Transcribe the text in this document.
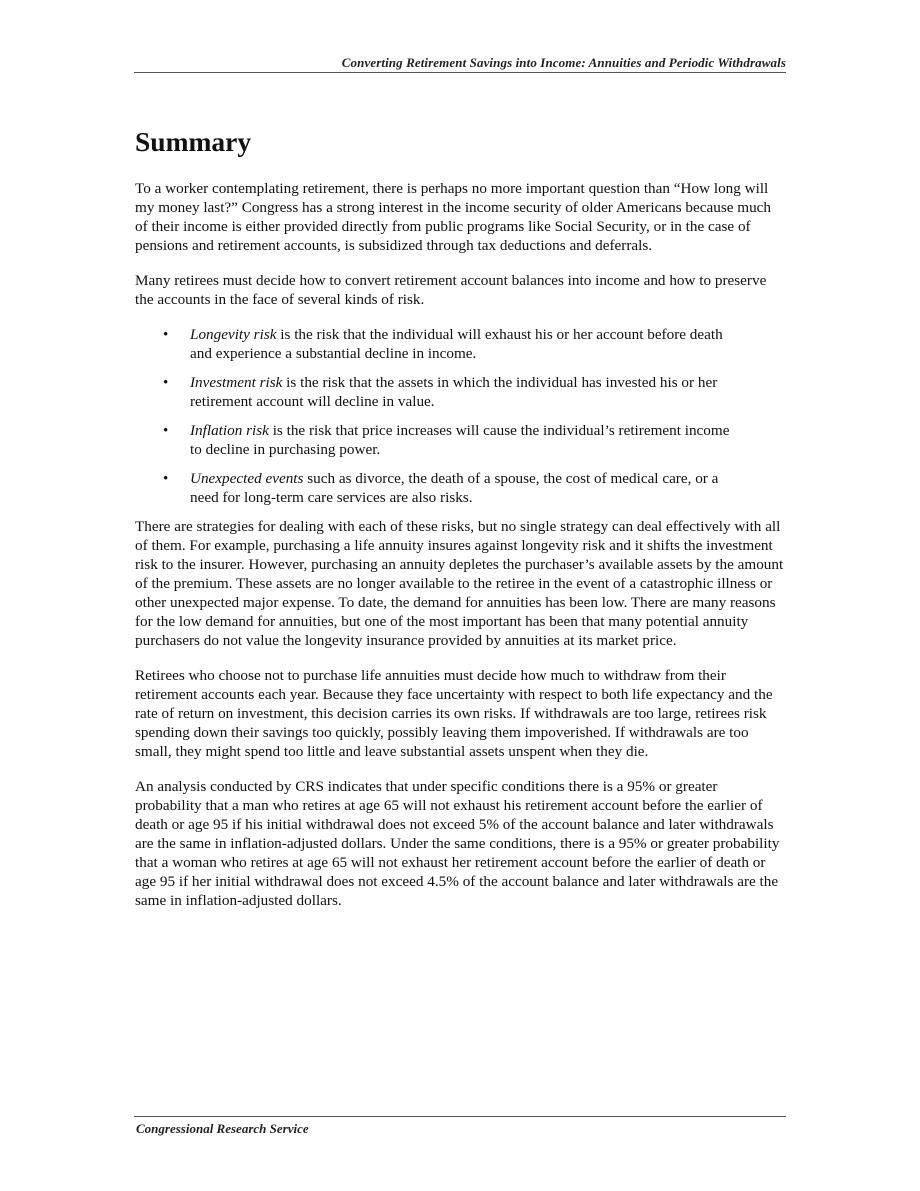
Converting Retirement Savings into Income: Annuities and Periodic Withdrawals
Summary

To a worker contemplating retirement, there is perhaps no more important question than “How long will my money last?” Congress has a strong interest in the income security of older Americans because much of their income is either provided directly from public programs like Social Security, or in the case of pensions and retirement accounts, is subsidized through tax deductions and deferrals.

Many retirees must decide how to convert retirement account balances into income and how to preserve the accounts in the face of several kinds of risk.

• Longevity risk is the risk that the individual will exhaust his or her account before death and experience a substantial decline in income.
• Investment risk is the risk that the assets in which the individual has invested his or her retirement account will decline in value.
• Inflation risk is the risk that price increases will cause the individual’s retirement income to decline in purchasing power.
• Unexpected events such as divorce, the death of a spouse, the cost of medical care, or a need for long-term care services are also risks.

There are strategies for dealing with each of these risks, but no single strategy can deal effectively with all of them. For example, purchasing a life annuity insures against longevity risk and it shifts the investment risk to the insurer. However, purchasing an annuity depletes the purchaser’s available assets by the amount of the premium. These assets are no longer available to the retiree in the event of a catastrophic illness or other unexpected major expense. To date, the demand for annuities has been low. There are many reasons for the low demand for annuities, but one of the most important has been that many potential annuity purchasers do not value the longevity insurance provided by annuities at its market price.

Retirees who choose not to purchase life annuities must decide how much to withdraw from their retirement accounts each year. Because they face uncertainty with respect to both life expectancy and the rate of return on investment, this decision carries its own risks. If withdrawals are too large, retirees risk spending down their savings too quickly, possibly leaving them impoverished. If withdrawals are too small, they might spend too little and leave substantial assets unspent when they die.

An analysis conducted by CRS indicates that under specific conditions there is a 95% or greater probability that a man who retires at age 65 will not exhaust his retirement account before the earlier of death or age 95 if his initial withdrawal does not exceed 5% of the account balance and later withdrawals are the same in inflation-adjusted dollars. Under the same conditions, there is a 95% or greater probability that a woman who retires at age 65 will not exhaust her retirement account before the earlier of death or age 95 if her initial withdrawal does not exceed 4.5% of the account balance and later withdrawals are the same in inflation-adjusted dollars.

Congressional Research Service
